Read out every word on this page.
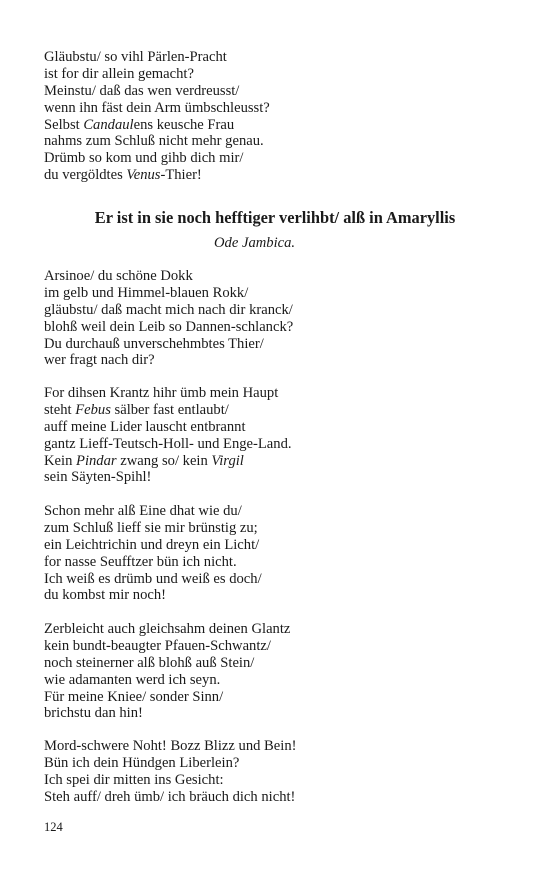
Gläubstu/ so vihl Pärlen-Pracht
ist for dir allein gemacht?
Meinstu/ daß das wen verdreusst/
wenn ihn fäst dein Arm ümbschleusst?
Selbst Candaulens keusche Frau
nahms zum Schluß nicht mehr genau.
Drümb so kom und gihb dich mir/
du vergöldtes Venus-Thier!
Er ist in sie noch hefftiger verlihbt/ alß in Amaryllis
Ode Jambica.
Arsinoe/ du schöne Dokk
im gelb und Himmel-blauen Rokk/
gläubstu/ daß macht mich nach dir kranck/
blohß weil dein Leib so Dannen-schlanck?
Du durchauß unverschehmbtes Thier/
wer fragt nach dir?
For dihsen Krantz hihr ümb mein Haupt
steht Febus sälber fast entlaubt/
auff meine Lider lauscht entbrannt
gantz Lieff-Teutsch-Holl- und Enge-Land.
Kein Pindar zwang so/ kein Virgil
sein Säyten-Spihl!
Schon mehr alß Eine dhat wie du/
zum Schluß lieff sie mir brünstig zu;
ein Leichtrichin und dreyn ein Licht/
for nasse Seufftzer bün ich nicht.
Ich weiß es drümb und weiß es doch/
du kombst mir noch!
Zerbleicht auch gleichsahm deinen Glantz
kein bundt-beaugter Pfauen-Schwantz/
noch steinerner alß blohß auß Stein/
wie adamanten werd ich seyn.
Für meine Kniee/ sonder Sinn/
brichstu dan hin!
Mord-schwere Noht! Bozz Blizz und Bein!
Bün ich dein Hündgen Liberlein?
Ich spei dir mitten ins Gesicht:
Steh auff/ dreh ümb/ ich bräuch dich nicht!
124
